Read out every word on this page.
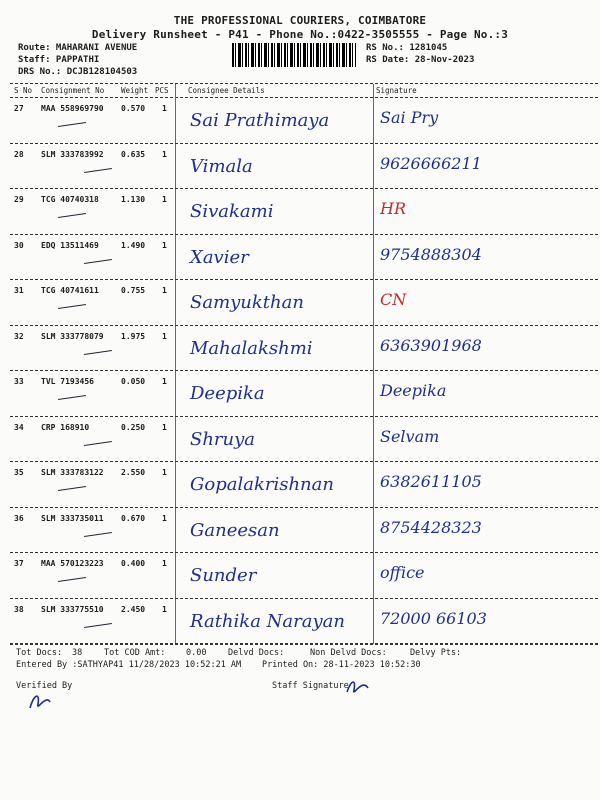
THE PROFESSIONAL COURIERS, COIMBATORE
Delivery Runsheet - P41 - Phone No.:0422-3505555 - Page No.:3
Route: MAHARANI AVENUE
Staff: PAPPATHI
DRS No.: DCJB128104503
RS No.: 1281045
RS Date: 28-Nov-2023
S No Consignment No Weight PCS	Consignee Details	Signature
27 MAA 558969790 0.570 1
Sai Prathimaya	Sai Pry
28 SLM 333783992 0.635 1
Vimala	9626666211
29 TCG 40740318	1.130 1
Sivakami	HR
30 EDQ 13511469	1.490 1
Xavier	9754888304
31 TCG 40741611	0.755 1
Samyukthan	CN
32 SLM 333778079 1.975 1
Mahalakshmi	6363901968
33 TVL 7193456	0.050 1
Deepika	Deepika
34 CRP 168910	0.250 1
Shruya	Selvam
35 SLM 333783122 2.550 1
Gopalakrishnan	6382611105
36 SLM 333735011 0.670 1
Ganeesan	8754428323
37 MAA 570123223 0.400 1
Sunder	office
38 SLM 333775510 2.450 1
Rathika Narayan 72000 66103
Tot Docs: 38	Tot COD Amt: 0.00	Delvd Docs:	Non Delvd Docs:	Delvy Pts:
Entered By :SATHYAP41 11/28/2023 10:52:21 AM Printed On: 28-11-2023 10:52:30
Verified By	Staff Signature
